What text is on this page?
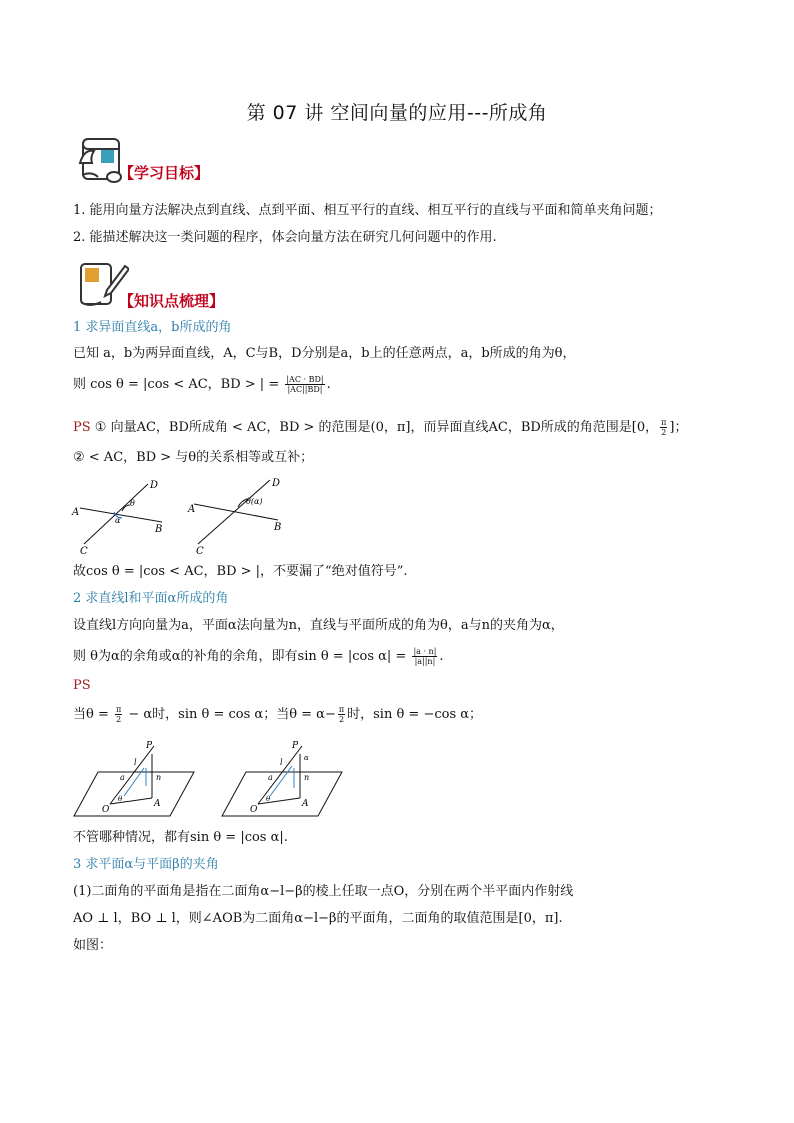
第 07 讲 空间向量的应用---所成角
【学习目标】
1. 能用向量方法解决点到直线、点到平面、相互平行的直线、相互平行的直线与平面和简单夹角问题；
2. 能描述解决这一类问题的程序，体会向量方法在研究几何问题中的作用.
【知识点梳理】
1 求异面直线a，b所成的角
已知 a，b为两异面直线，A，C与B，D分别是a，b上的任意两点，a，b所成的角为θ，
则 cos θ = |cos < AC，BD > | = $\frac{|AC \cdot BD|}{|AC||BD|}$ .
PS ① 向量AC，BD所成角 < AC，BD > 的范围是(0，π]，而异面直线AC，BD所成的角范围是[0， $\frac{\pi}{2}$ ]；
② < AC，BD > 与θ的关系相等或互补；
D
θ
A
α
B
C
D
θ(α)
A
B
C
故cos θ = |cos < AC，BD > |，不要漏了“绝对值符号”.
2 求直线l和平面α所成的角
设直线l方向向量为a，平面α法向量为n，直线与平面所成的角为θ，a与n的夹角为α，
则 θ为α的余角或α的补角的余角，即有sin θ = |cos $\alpha| = \frac{|a \cdot n|}{|a||n|}$ .
PS
当$\theta = \frac{\pi}{2} - \alpha$时，sin θ = cos α；当$\theta = \alpha- \frac{\pi}{2}$ 时，sin θ = −cos α；
P
l
n
a
O
θ	A
P
α
l
n
a
O
θ	A
不管哪种情况，都有sin θ = |cos α|.
3 求平面α与平面β的夹角
(1)二面角的平面角是指在二面角α−l−β的棱上任取一点O，分别在两个半平面内作射线
AO ⊥ l，BO ⊥ l，则∠AOB为二面角α−l−β的平面角，二面角的取值范围是[0，π].
如图：
